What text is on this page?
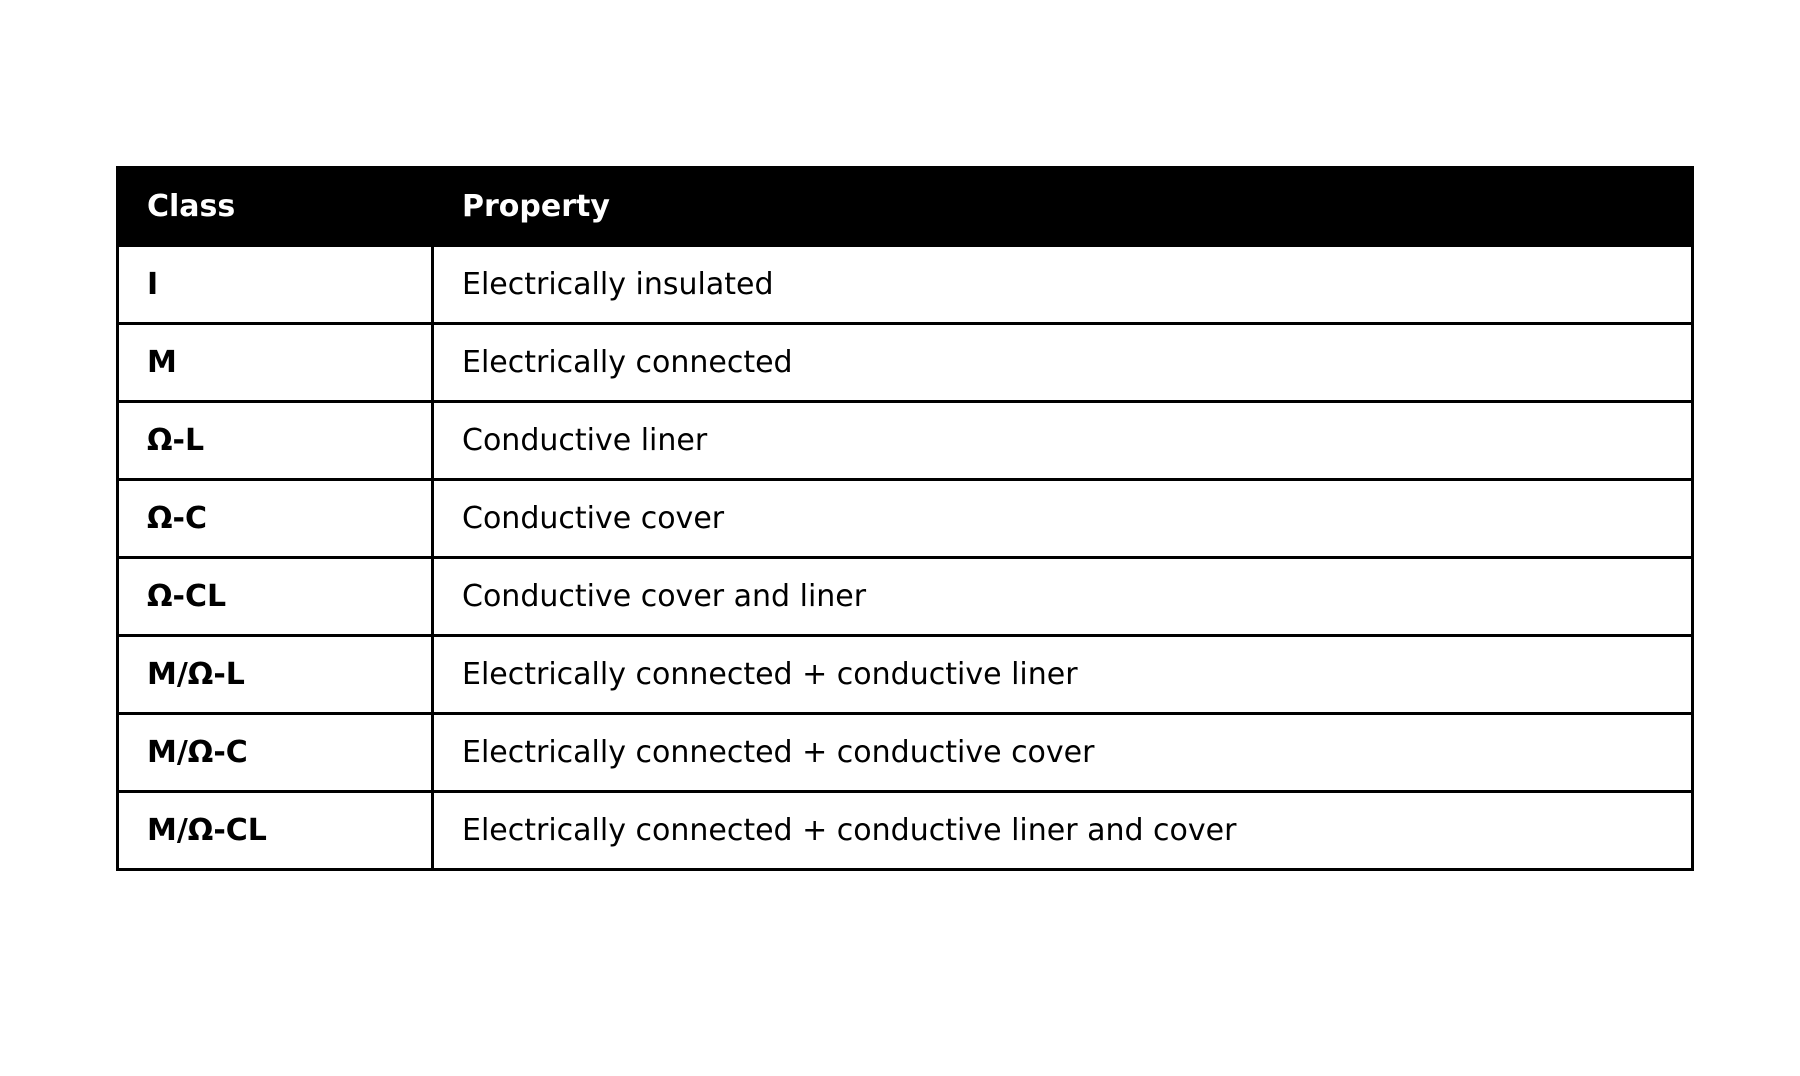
Class	Property
I	Electrically insulated
M	Electrically connected
Ω-L	Conductive liner
Ω-C	Conductive cover
Ω-CL	Conductive cover and liner
M/Ω-L	Electrically connected + conductive liner
M/Ω-C	Electrically connected + conductive cover
M/Ω-CL	Electrically connected + conductive liner and cover
